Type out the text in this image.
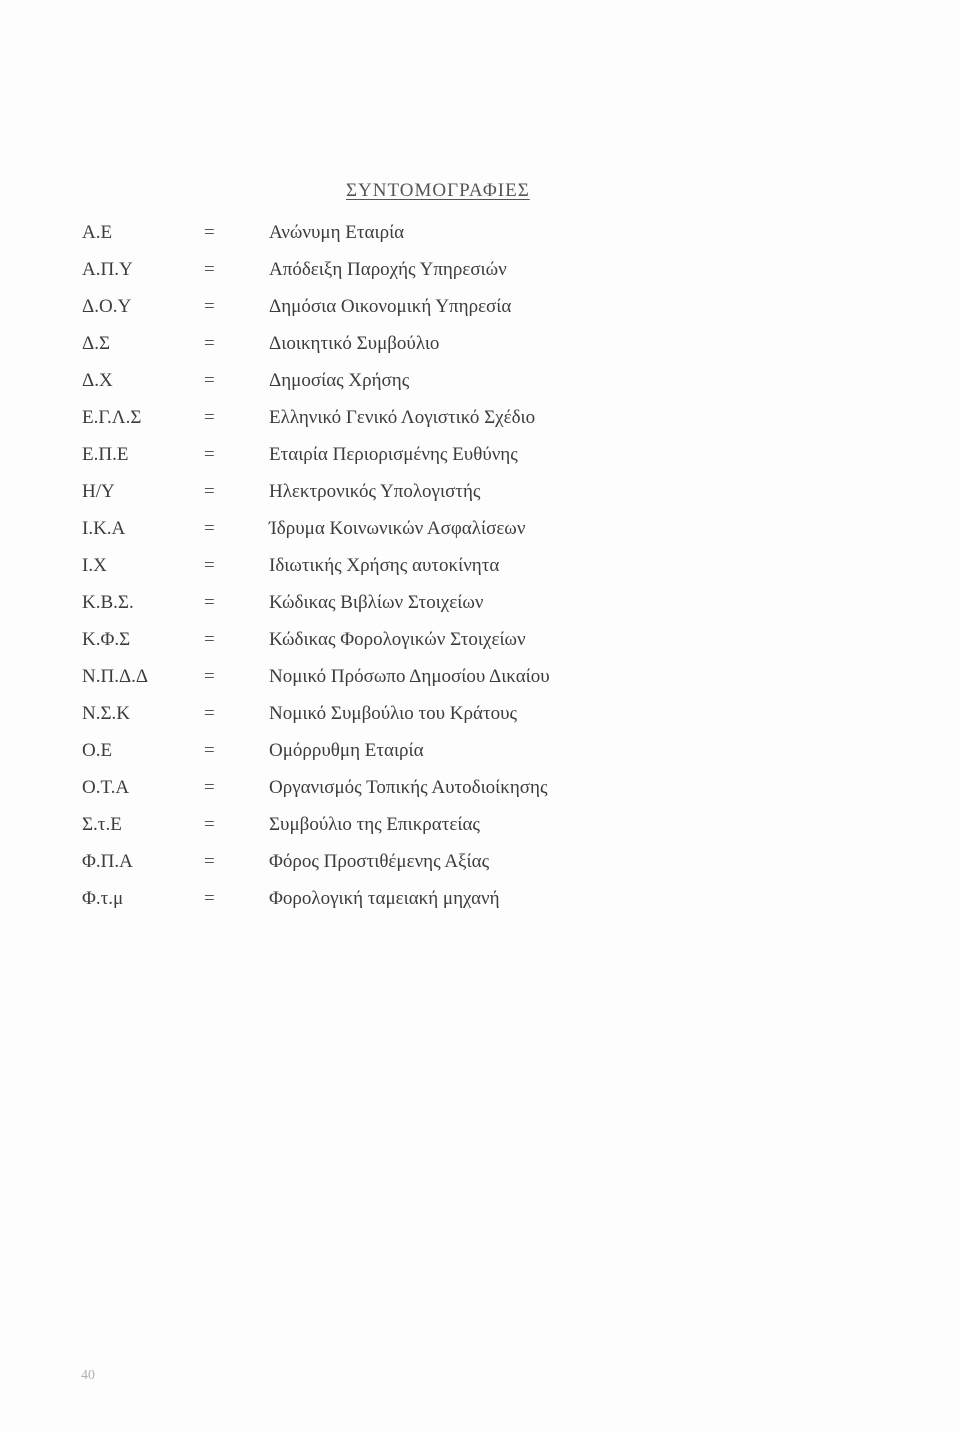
ΣΥΝΤΟΜΟΓΡΑΦΙΕΣ
Α.Ε	=	Ανώνυμη Εταιρία
Α.Π.Υ	=	Απόδειξη Παροχής Υπηρεσιών
Δ.Ο.Υ	=	Δημόσια Οικονομική Υπηρεσία
Δ.Σ	=	Διοικητικό Συμβούλιο
Δ.Χ	=	Δημοσίας Χρήσης
Ε.Γ.Λ.Σ	=	Ελληνικό Γενικό Λογιστικό Σχέδιο
Ε.Π.Ε	=	Εταιρία Περιορισμένης Ευθύνης
Η/Υ	=	Ηλεκτρονικός Υπολογιστής
Ι.Κ.Α	=	Ίδρυμα Κοινωνικών Ασφαλίσεων
Ι.Χ	=	Ιδιωτικής Χρήσης αυτοκίνητα
Κ.Β.Σ.	=	Κώδικας Βιβλίων Στοιχείων
Κ.Φ.Σ	=	Κώδικας Φορολογικών Στοιχείων
Ν.Π.Δ.Δ	=	Νομικό Πρόσωπο Δημοσίου Δικαίου
Ν.Σ.Κ	=	Νομικό Συμβούλιο του Κράτους
Ο.Ε	=	Ομόρρυθμη Εταιρία
Ο.Τ.Α	=	Οργανισμός Τοπικής Αυτοδιοίκησης
Σ.τ.Ε	=	Συμβούλιο της Επικρατείας
Φ.Π.Α	=	Φόρος Προστιθέμενης Αξίας
Φ.τ.μ	=	Φορολογική ταμειακή μηχανή
40
